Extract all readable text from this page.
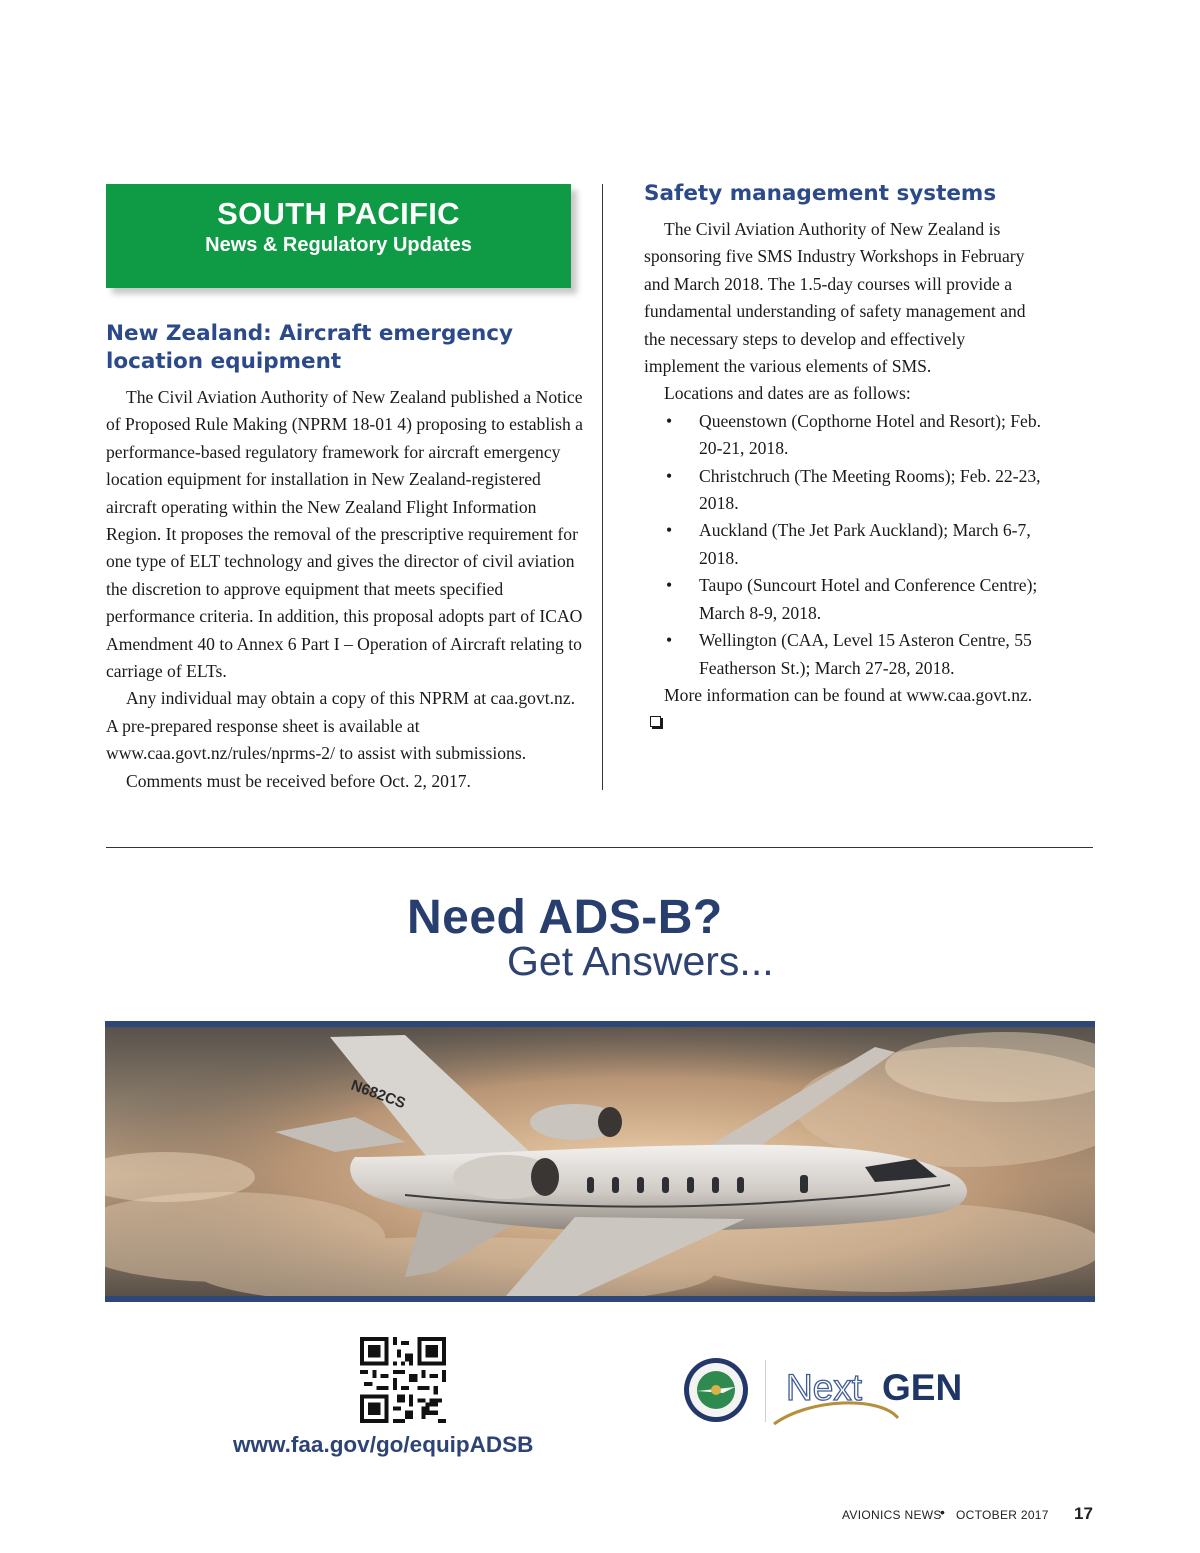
SOUTH PACIFIC
News & Regulatory Updates
New Zealand: Aircraft emergency location equipment

The Civil Aviation Authority of New Zealand published a Notice of Proposed Rule Making (NPRM 18-01 4) proposing to establish a performance-based regulatory framework for aircraft emergency location equipment for installation in New Zealand-registered aircraft operating within the New Zealand Flight Information Region. It proposes the removal of the prescriptive requirement for one type of ELT technology and gives the director of civil aviation the discretion to approve equipment that meets specified performance criteria. In addition, this proposal adopts part of ICAO Amendment 40 to Annex 6 Part I – Operation of Aircraft relating to carriage of ELTs.

Any individual may obtain a copy of this NPRM at caa.govt.nz. A pre-prepared response sheet is available at www.caa.govt.nz/rules/nprms-2/ to assist with submissions.

Comments must be received before Oct. 2, 2017.

Safety management systems

The Civil Aviation Authority of New Zealand is sponsoring five SMS Industry Workshops in February and March 2018. The 1.5-day courses will provide a fundamental understanding of safety management and the necessary steps to develop and effectively implement the various elements of SMS.

Locations and dates are as follows:

• Queenstown (Copthorne Hotel and Resort); Feb. 20-21, 2018.
• Christchruch (The Meeting Rooms); Feb. 22-23, 2018.
• Auckland (The Jet Park Auckland); March 6-7, 2018.
• Taupo (Suncourt Hotel and Conference Centre); March 8-9, 2018.
• Wellington (CAA, Level 15 Asteron Centre, 55 Featherson St.); March 27-28, 2018.

More information can be found at www.caa.govt.nz.

Need ADS-B?
Get Answers...
N682CS
www.faa.gov/go/equipADSB
Next GEN
AVIONICS NEWS
• OCTOBER 2017 17
